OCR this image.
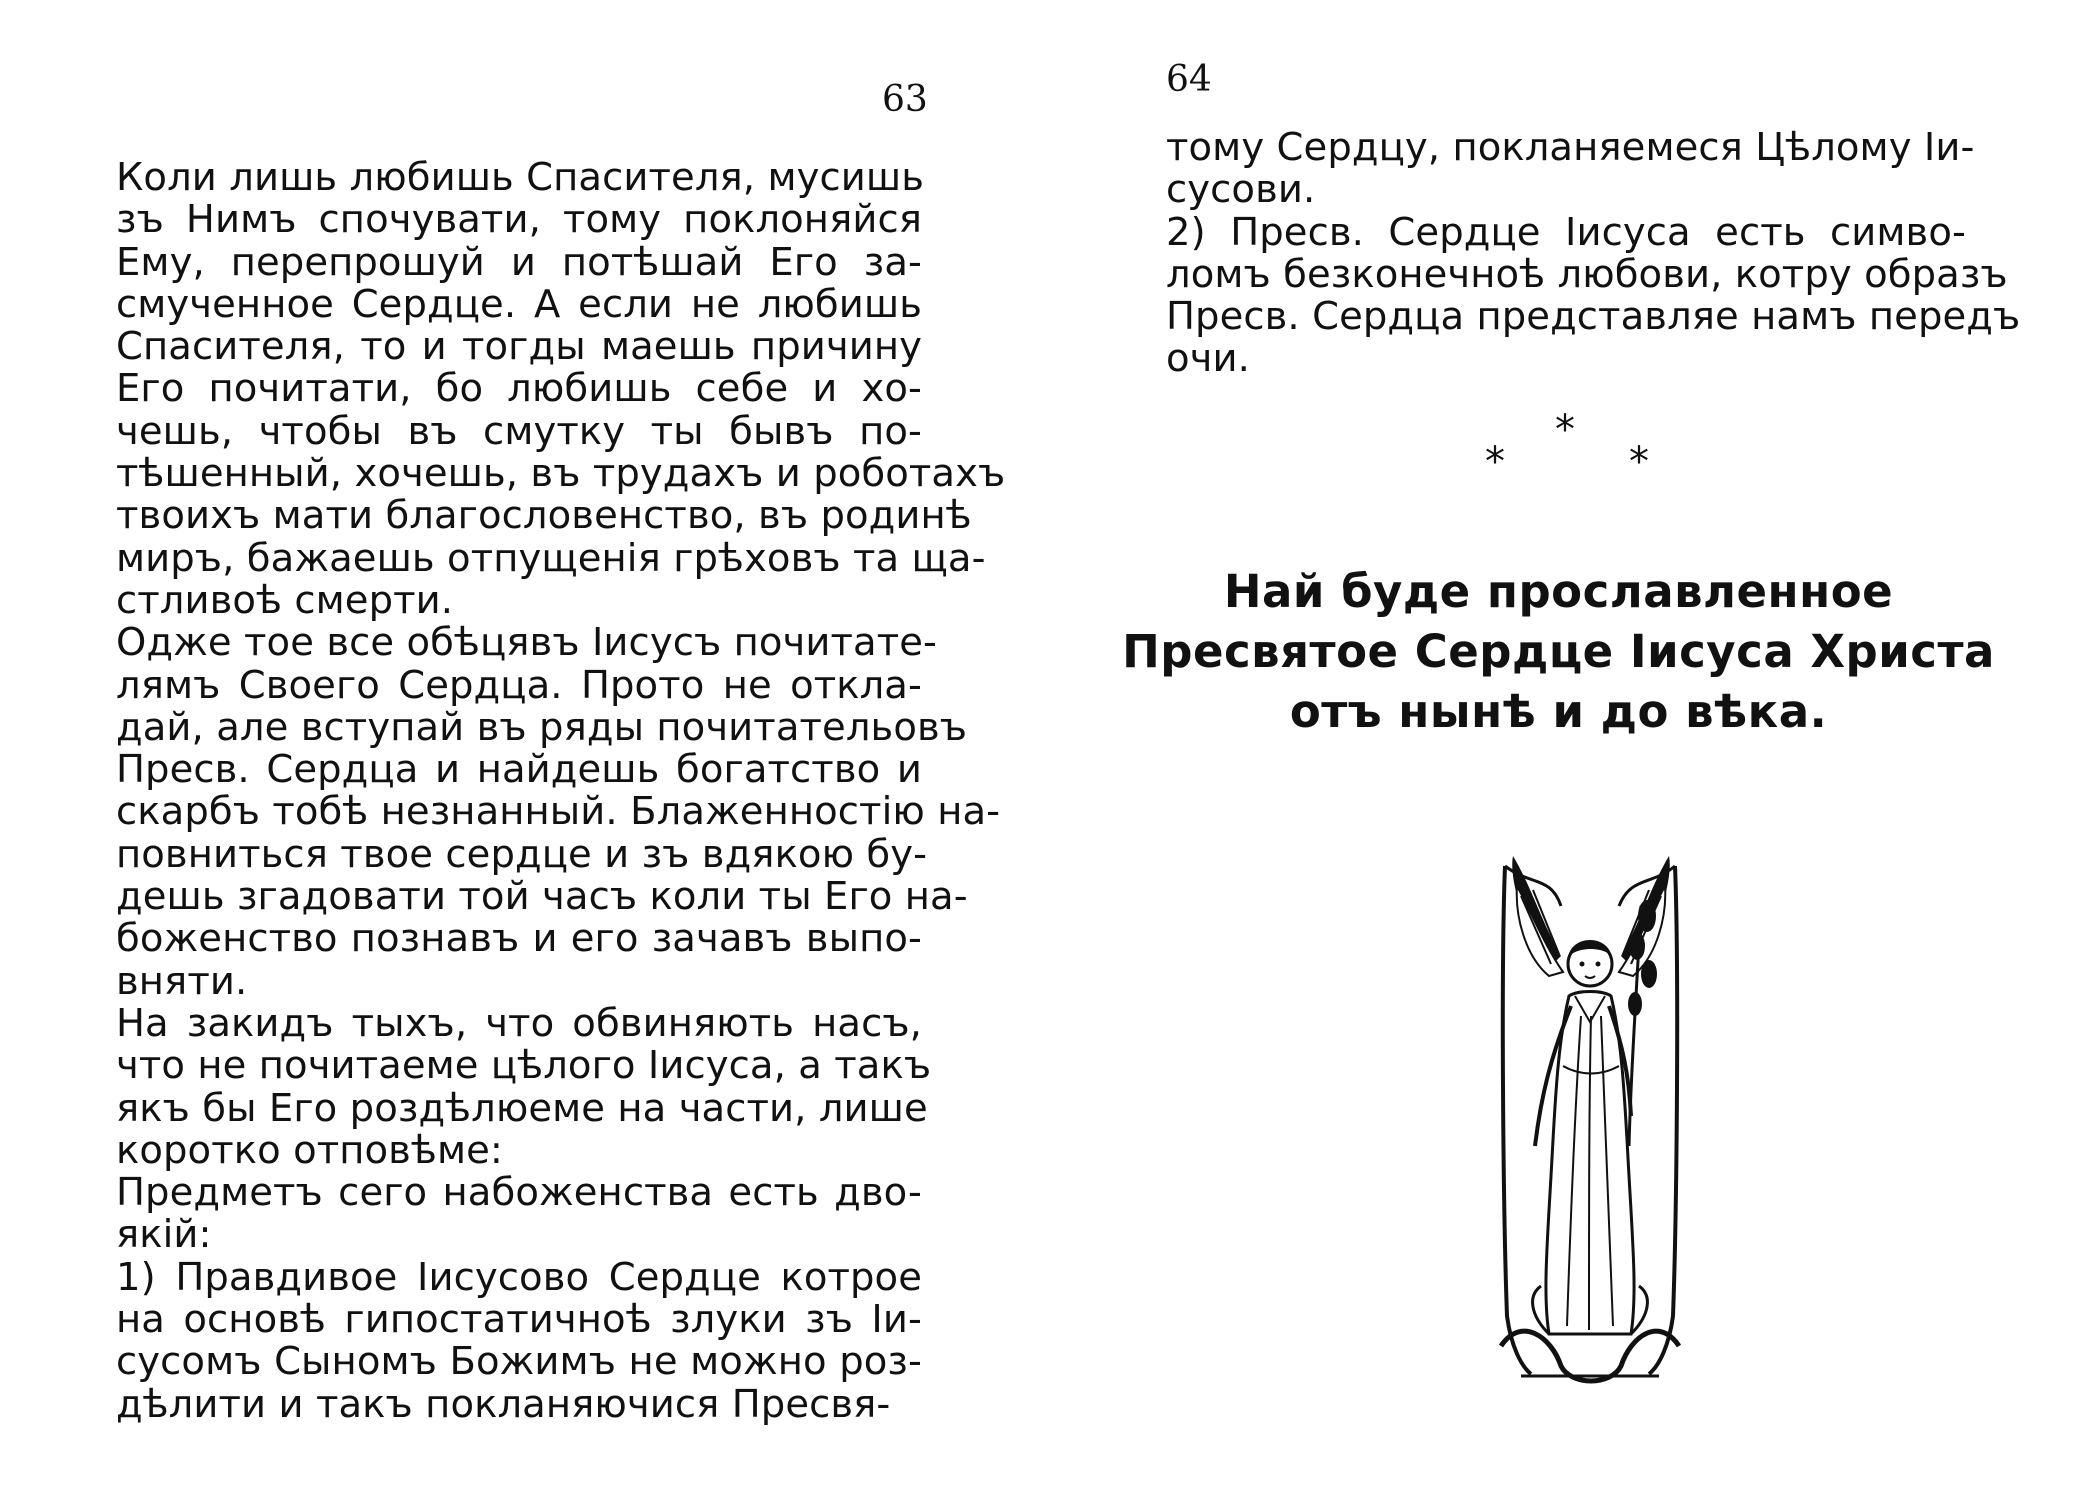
63
Коли лишь любишь Спасителя, мусишь
зъ Нимъ спочувати, тому поклоняйся
Ему, перепрошуй и потѣшай Его за-
смученное Сердце. А если не любишь
Спасителя, то и тогды маешь причину
Его почитати, бо любишь себе и хо-
чешь, чтобы въ смутку ты бывъ по-
тѣшенный, хочешь, въ трудахъ и роботахъ
твоихъ мати благословенство, въ родинѣ
миръ, бажаешь отпущенія грѣховъ та ща-
стливоѣ смерти.
Одже тое все обѣцявъ Іисусъ почитате-
лямъ Своего Сердца. Прото не откла-
дай, але вступай въ ряды почитательовъ
Пресв. Сердца и найдешь богатство и
скарбъ тобѣ незнанный. Блаженностію на-
повниться твое сердце и зъ вдякою бу-
дешь згадовати той часъ коли ты Его на-
боженство познавъ и его зачавъ выпо-
вняти.
На закидъ тыхъ, что обвиняють насъ,
что не почитаеме цѣлого Іисуса, а такъ
якъ бы Его роздѣлюеме на части, лише
коротко отповѣме:
Предметъ сего набоженства есть двo-
якій:
1) Правдивое Іисусово Сердце котрое
на основѣ гипостатичноѣ злуки зъ Іи-
сусомъ Сыномъ Божимъ не можно роз-
дѣлити и такъ покланяючися Пресвя-
64
тому Сердцу, покланяемеся Цѣлому Іи-
сусови.
2) Пресв. Сердце Іисуса есть симво-
ломъ безконечноѣ любови, котру образъ
Пресв. Сердца представляе намъ передъ
очи.
*
*	*
Най буде прославленное
Пресвятое Сердце Іисуса Христа
отъ нынѣ и до вѣка.
